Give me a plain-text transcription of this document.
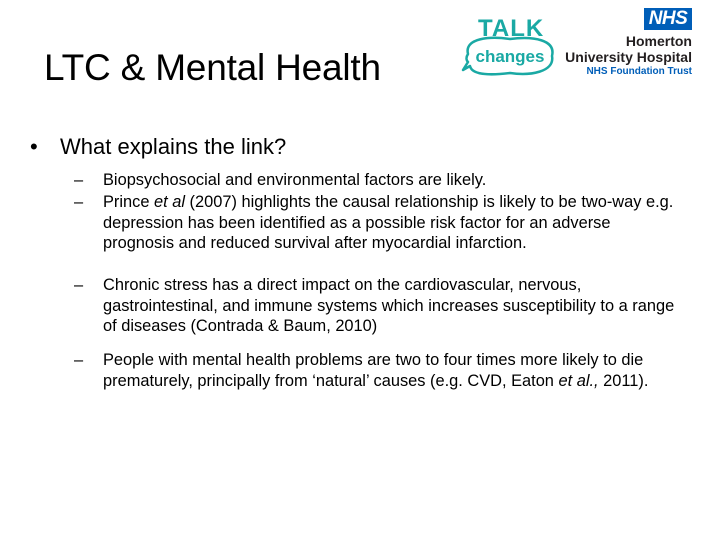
LTC & Mental Health
TALK
changes
NHS
Homerton
University Hospital
NHS Foundation Trust
• What explains the link?
–	Biopsychosocial and environmental factors are likely.
–	Prince et al (2007) highlights the causal relationship is likely to be two-way e.g. depression has been identified as a possible risk factor for an adverse prognosis and reduced survival after myocardial infarction.
–	Chronic stress has a direct impact on the cardiovascular, nervous, gastrointestinal, and immune systems which increases susceptibility to a range of diseases (Contrada & Baum, 2010)
–	People with mental health problems are two to four times more likely to die prematurely, principally from ‘natural’ causes (e.g. CVD, Eaton et al., 2011).
